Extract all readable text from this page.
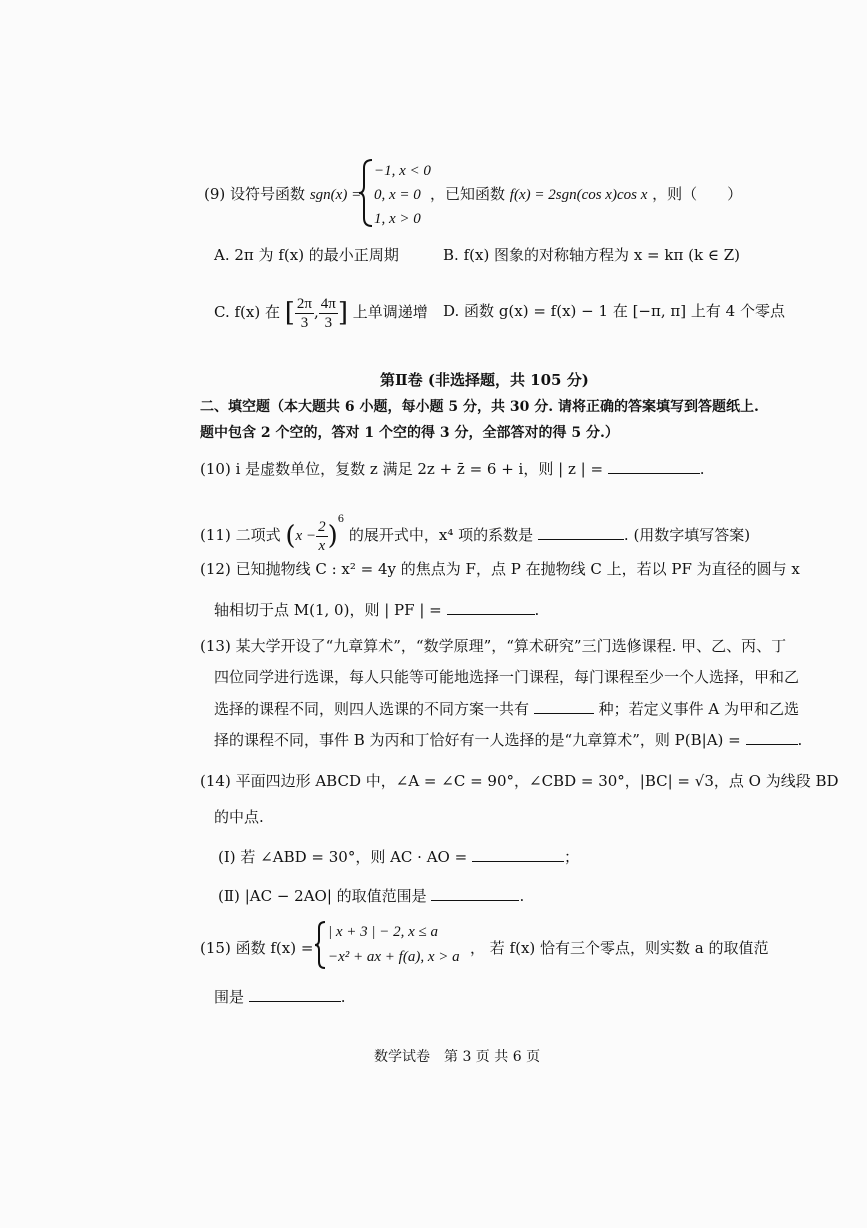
(9) 设符号函数 sgn(x) =
−1, x < 0
0, x = 0
1, x > 0
，已知函数 f(x) = 2sgn(cos x)cos x ，则（　　）
A. 2π 为 f(x) 的最小正周期	B. f(x) 图象的对称轴方程为 x = kπ (k ∈ Z)
C. f(x) 在 [ $\frac{2\pi}{3}$ , $\frac{4\pi}{3}$ ] 上单调递增 D. 函数 g(x) = f(x) − 1 在 [−π, π] 上有 4 个零点
第Ⅱ卷 (非选择题，共 105 分)
二、填空题（本大题共 6 小题，每小题 5 分，共 30 分. 请将正确的答案填写到答题纸上.
题中包含 2 个空的，答对 1 个空的得 3 分，全部答对的得 5 分.）
(10) i 是虚数单位，复数 z 满足 2z + z̄ = 6 + i，则 | z | =	.
(11) 二项式 $(x - \frac{2}{x} )^6$ 的展开式中，x⁴ 项的系数是	. (用数字填写答案)
(12) 已知抛物线 C : x² = 4y 的焦点为 F，点 P 在抛物线 C 上，若以 PF 为直径的圆与 x
轴相切于点 M(1, 0)，则 | PF | =	.
(13) 某大学开设了“九章算术”，“数学原理”，“算术研究”三门选修课程. 甲、乙、丙、丁
四位同学进行选课，每人只能等可能地选择一门课程，每门课程至少一个人选择，甲和乙
选择的课程不同，则四人选课的不同方案一共有	种；若定义事件 A 为甲和乙选
择的课程不同，事件 B 为丙和丁恰好有一人选择的是“九章算术”，则 P(B|A) =	.
(14) 平面四边形 ABCD 中，∠A = ∠C = 90°，∠CBD = 30°，|BC| = √3，点 O 为线段 BD
的中点.
(Ⅰ) 若 ∠ABD = 30°，则 AC · AO =	；
(Ⅱ) |AC − 2AO| 的取值范围是	.
(15) 函数 f(x) =
| x + 3 | − 2, x ≤ a
−x² + ax + f(a), x > a ， 若 f(x) 恰有三个零点，则实数 a 的取值范
围是	.
数学试卷　第 3 页 共 6 页
